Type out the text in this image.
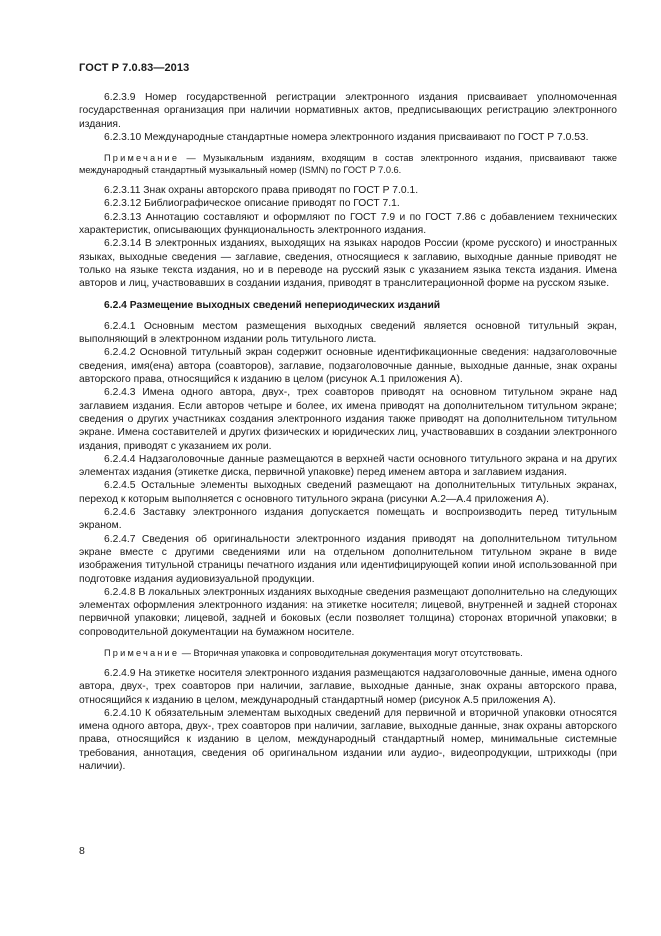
ГОСТ Р 7.0.83—2013

6.2.3.9 Номер государственной регистрации электронного издания присваивает уполномоченная государственная организация при наличии нормативных актов, предписывающих регистрацию электронного издания.

6.2.3.10 Международные стандартные номера электронного издания присваивают по ГОСТ Р 7.0.53.

Примечание — Музыкальным изданиям, входящим в состав электронного издания, присваивают также международный стандартный музыкальный номер (ISMN) по ГОСТ Р 7.0.6.

6.2.3.11 Знак охраны авторского права приводят по ГОСТ Р 7.0.1.

6.2.3.12 Библиографическое описание приводят по ГОСТ 7.1.

6.2.3.13 Аннотацию составляют и оформляют по ГОСТ 7.9 и по ГОСТ 7.86 с добавлением технических характеристик, описывающих функциональность электронного издания.

6.2.3.14 В электронных изданиях, выходящих на языках народов России (кроме русского) и иностранных языках, выходные сведения — заглавие, сведения, относящиеся к заглавию, выходные данные приводят не только на языке текста издания, но и в переводе на русский язык с указанием языка текста издания. Имена авторов и лиц, участвовавших в создании издания, приводят в транслитерационной форме на русском языке.

6.2.4 Размещение выходных сведений непериодических изданий

6.2.4.1 Основным местом размещения выходных сведений является основной титульный экран, выполняющий в электронном издании роль титульного листа.

6.2.4.2 Основной титульный экран содержит основные идентификационные сведения: надзаголовочные сведения, имя(ена) автора (соавторов), заглавие, подзаголовочные данные, выходные данные, знак охраны авторского права, относящийся к изданию в целом (рисунок А.1 приложения А).

6.2.4.3 Имена одного автора, двух-, трех соавторов приводят на основном титульном экране над заглавием издания. Если авторов четыре и более, их имена приводят на дополнительном титульном экране; сведения о других участниках создания электронного издания также приводят на дополнительном титульном экране. Имена составителей и других физических и юридических лиц, участвовавших в создании электронного издания, приводят с указанием их роли.

6.2.4.4 Надзаголовочные данные размещаются в верхней части основного титульного экрана и на других элементах издания (этикетке диска, первичной упаковке) перед именем автора и заглавием издания.

6.2.4.5 Остальные элементы выходных сведений размещают на дополнительных титульных экранах, переход к которым выполняется с основного титульного экрана (рисунки А.2—А.4 приложения А).

6.2.4.6 Заставку электронного издания допускается помещать и воспроизводить перед титульным экраном.

6.2.4.7 Сведения об оригинальности электронного издания приводят на дополнительном титульном экране вместе с другими сведениями или на отдельном дополнительном титульном экране в виде изображения титульной страницы печатного издания или идентифицирующей копии иной использованной при подготовке издания аудиовизуальной продукции.

6.2.4.8 В локальных электронных изданиях выходные сведения размещают дополнительно на следующих элементах оформления электронного издания: на этикетке носителя; лицевой, внутренней и задней сторонах первичной упаковки; лицевой, задней и боковых (если позволяет толщина) сторонах вторичной упаковки; в сопроводительной документации на бумажном носителе.

Примечание — Вторичная упаковка и сопроводительная документация могут отсутствовать.

6.2.4.9 На этикетке носителя электронного издания размещаются надзаголовочные данные, имена одного автора, двух-, трех соавторов при наличии, заглавие, выходные данные, знак охраны авторского права, относящийся к изданию в целом, международный стандартный номер (рисунок А.5 приложения А).

6.2.4.10 К обязательным элементам выходных сведений для первичной и вторичной упаковки относятся имена одного автора, двух-, трех соавторов при наличии, заглавие, выходные данные, знак охраны авторского права, относящийся к изданию в целом, международный стандартный номер, минимальные системные требования, аннотация, сведения об оригинальном издании или аудио-, видеопродукции, штрихкоды (при наличии).

8
